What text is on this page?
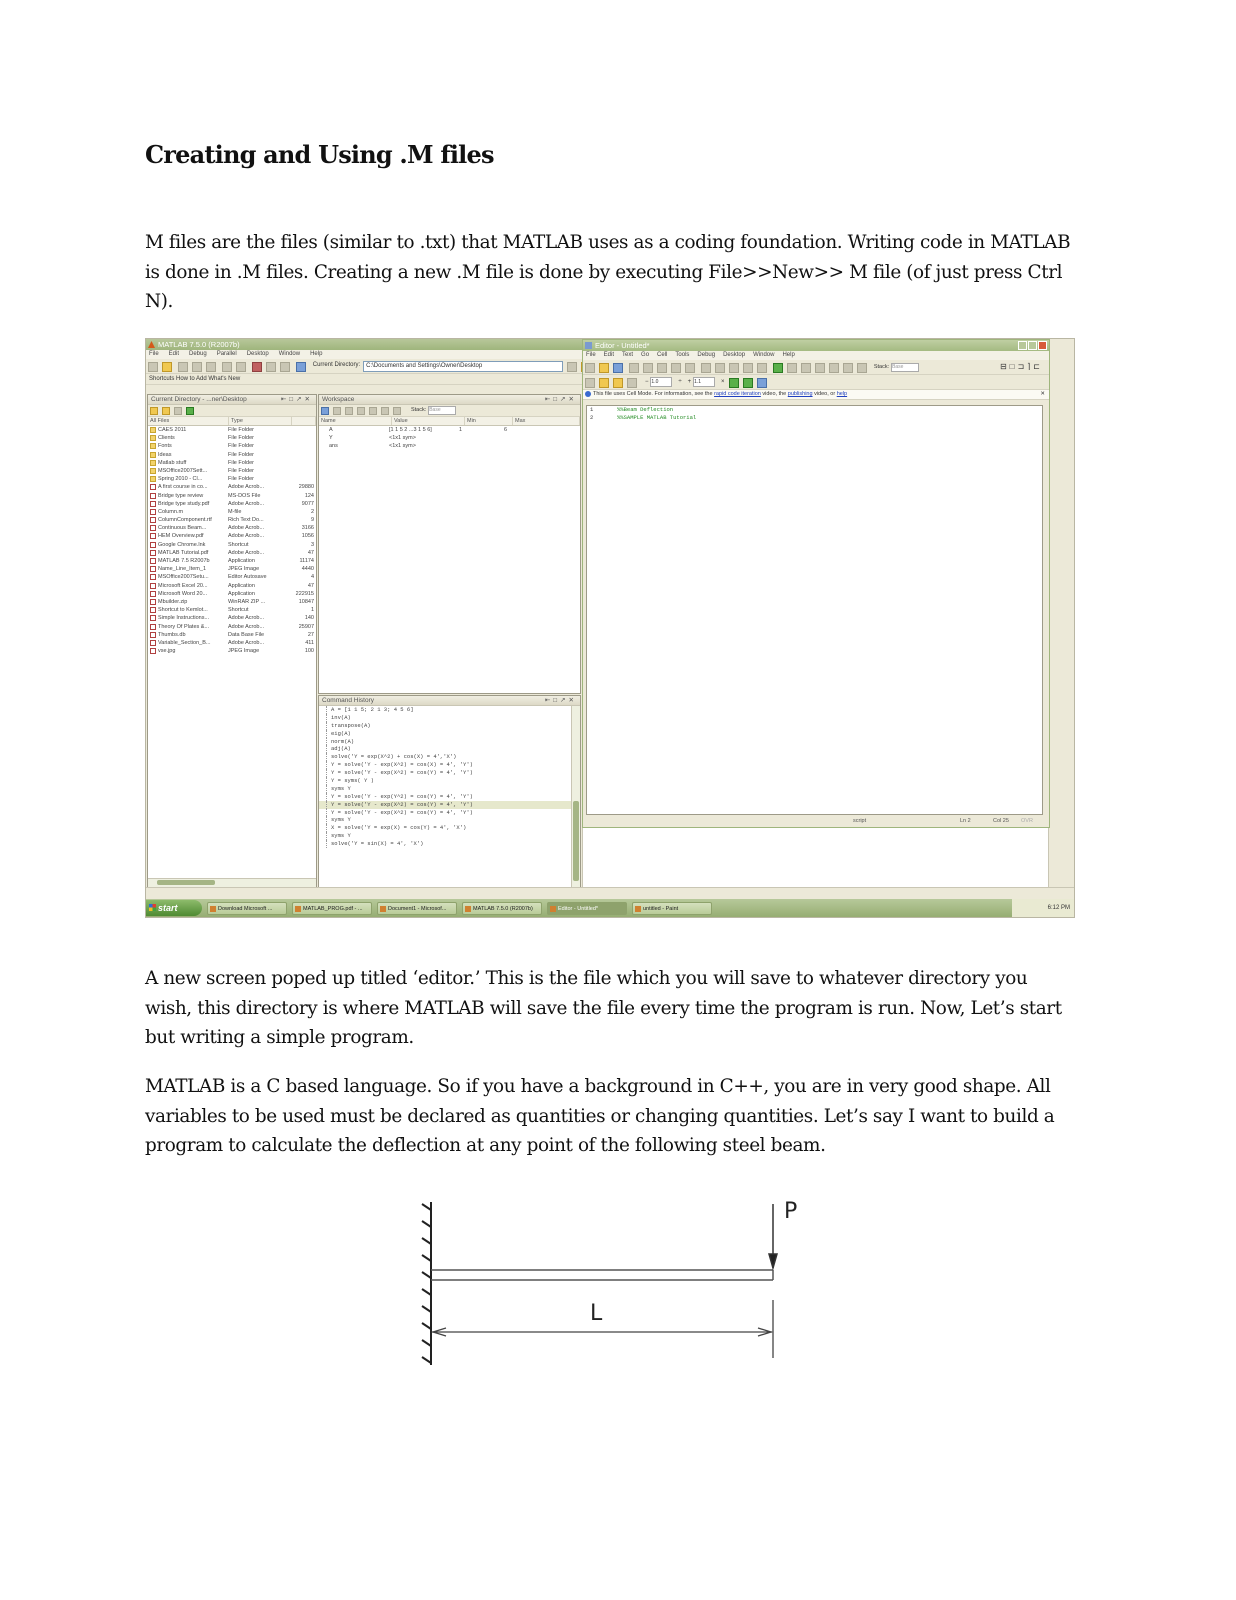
Creating and Using .M files
M files are the files (similar to .txt) that MATLAB uses as a coding foundation. Writing code in MATLAB is done in .M files. Creating a new .M file is done by executing File>>New>> M file (of just press Ctrl N).
MATLAB 7.5.0 (R2007b)
File Edit Debug Parallel Desktop Window Help
Current Directory: C:\Documents and Settings\Owner\Desktop
Shortcuts How to Add What's New
Current Directory - ...ner\Desktop	⇤□↗✕
All Files	Type
CAES 2011	File Folder
Clients	File Folder
Fonts	File Folder
Ideas	File Folder
Matlab stuff	File Folder
MSOffice2007Sett...	File Folder
Spring 2010 - Cl...	File Folder
A first course in co...	Adobe Acrob...	29880
Bridge type review	MS-DOS File	124
Bridge type study.pdf	Adobe Acrob...	9077
Column.m	M-file	2
ColumnComponent.rtf	Rich Text Do...	9
Continuous Beam...	Adobe Acrob...	3166
HEM Overview.pdf	Adobe Acrob...	1056
Google Chrome.lnk	Shortcut	3
MATLAB Tutorial.pdf	Adobe Acrob...	47
MATLAB 7.5 R2007b	Application	11174
Name_Line_Item_1	JPEG Image	4440
MSOffice2007Setu...	Editor Autosave	4
Microsoft Excel 20...	Application	47
Microsoft Word 20...	Application	222915
Mbuilder.zip	WinRAR ZIP ...	10847
Shortcut to Kemlot...	Shortcut	1
Simple Instructions...	Adobe Acrob...	140
Theory Of Plates &...	Adobe Acrob...	25907
Thumbs.db	Data Base File	27
Variable_Section_B...	Adobe Acrob...	411
vse.jpg	JPEG Image	100
Workspace	⇤□↗✕
$^{Stack:}$ Base
Name	Value	Min	Max
A	[1 1 5 2 ...3 1 5 6]	1	6
Y	<1x1 sym>
ans	<1x1 sym>
Command History	⇤□↗✕
A = [1 1 5; 2 1 3; 4 5 6]
inv(A)
transpose(A)
eig(A)
norm(A)
adj(A)
solve('Y = exp(X^2) + cos(X) = 4','X')
Y = solve('Y - exp(X^2) = cos(X) = 4', 'Y')
Y = solve('Y - exp(X^2) = cos(Y) = 4', 'Y')
Y = syms( Y )
syms Y
Y = solve('Y - exp(Y^2) = cos(Y) = 4', 'Y')
Y = solve('Y - exp(X^2) = cos(Y) = 4', 'Y')
Y = solve('Y - exp(X^2) = cos(Y) = 4', 'Y')
syms Y
X = solve('Y = exp(X) = cos(Y) = 4', 'X')
syms Y
solve('Y = sin(X) = 4', 'X')
Editor - Untitled*
File Edit Text Go Cell Tools Debug Desktop Window Help
$^{Stack:}$ Base	⊟□⊐⌉⊏
− 1.0	÷ + 1.1	×
This file uses Cell Mode. For information, see the rapid code iteration video, the publishing video, or help	✕
1	%%Beam Deflection
2	%%SAMPLE MATLAB Tutorial
script	Ln 2	Col 25 OVR
start	Download Microsoft ...	MATLAB_PROG.pdf - ...	Document1 - Microsof...	MATLAB 7.5.0 (R2007b)	Editor - Untitled*	untitled - Paint	6:12 PM
A new screen poped up titled ‘editor.’ This is the file which you will save to whatever directory you wish, this directory is where MATLAB will save the file every time the program is run. Now, Let’s start but writing a simple program.
MATLAB is a C based language. So if you have a background in C++, you are in very good shape. All variables to be used must be declared as quantities or changing quantities. Let’s say I want to build a program to calculate the deflection at any point of the following steel beam.
P
L
